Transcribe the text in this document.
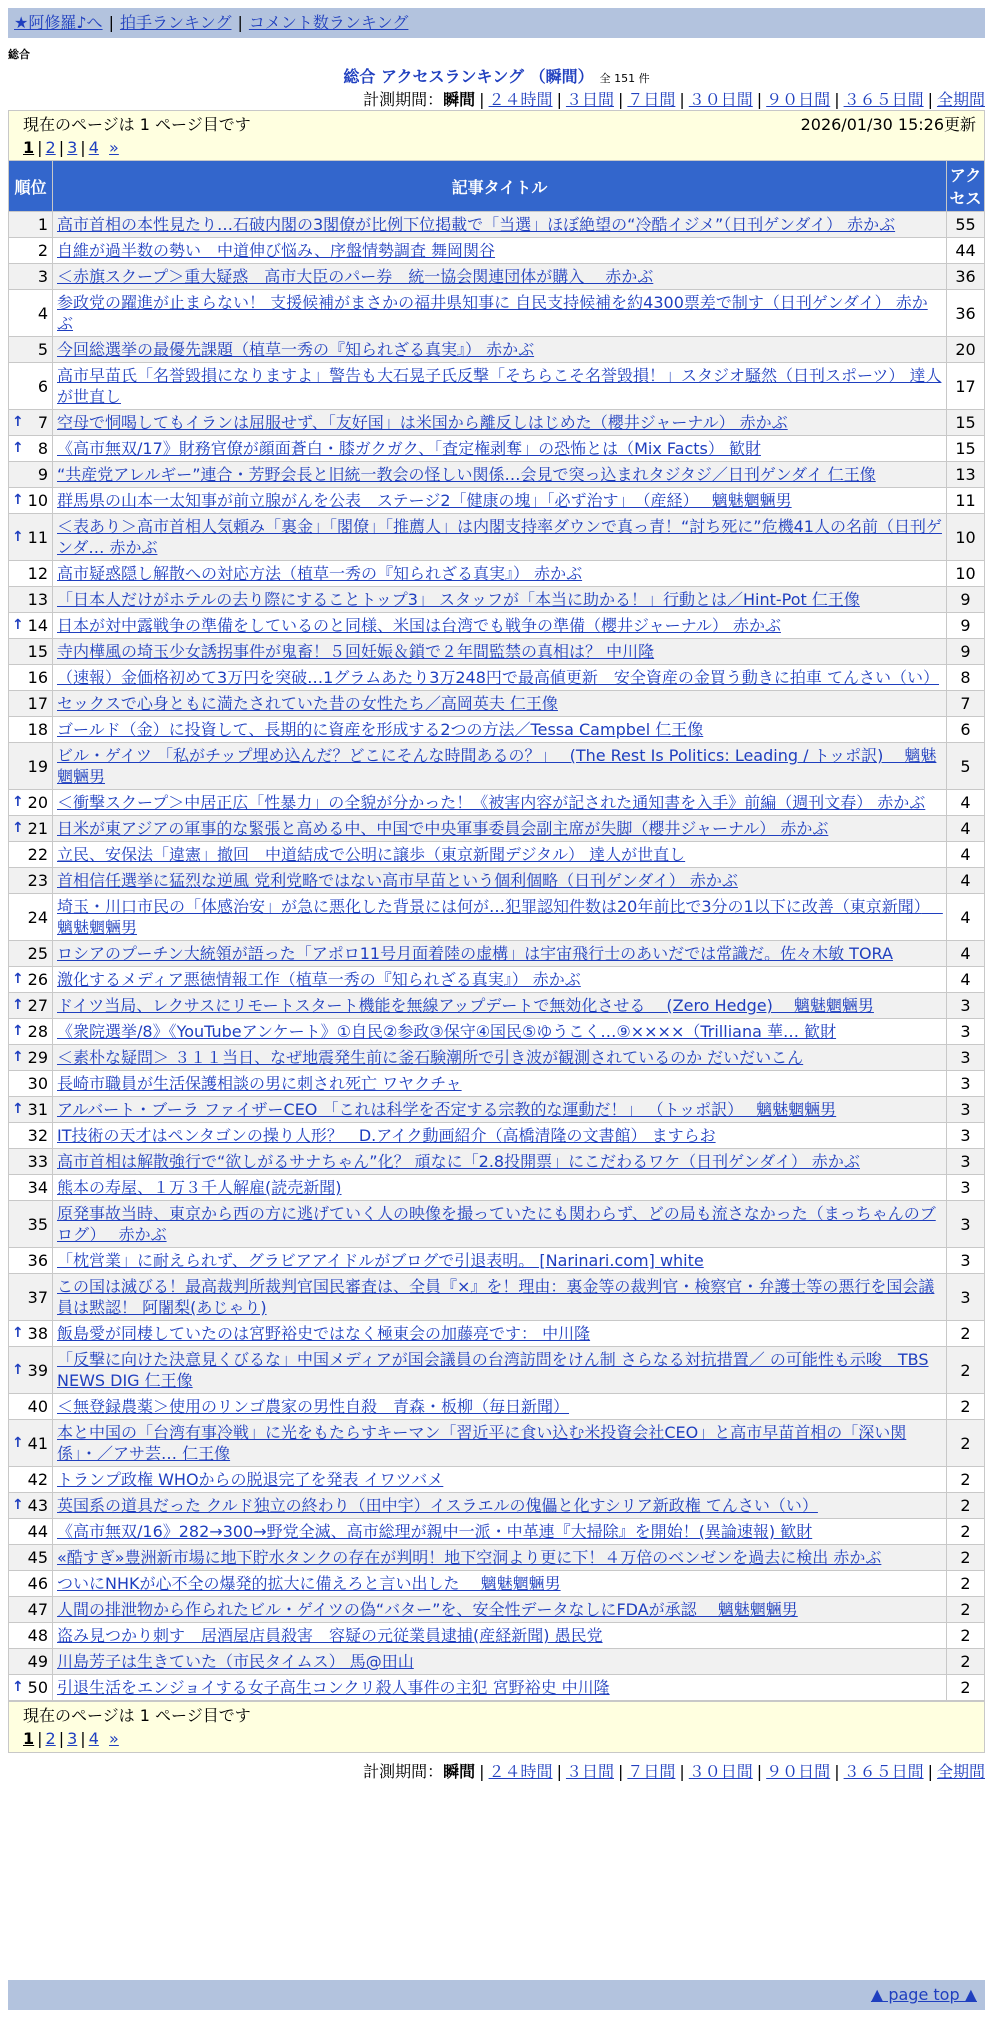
★阿修羅♪へ | 拍手ランキング | コメント数ランキング
総合
総合 アクセスランキング （瞬間） 全 151 件
計測期間：瞬間 | ２４時間 | ３日間 | ７日間 | ３０日間 | ９０日間 | ３６５日間 | 全期間
現在のページは 1 ページ目です	2026/01/30 15:26更新
1 | 2 | 3 | 4 »
順位	記事タイトル	アクセス
1	高市首相の本性見たり…石破内閣の3閣僚が比例下位掲載で「当選」ほぼ絶望の“冷酷イジメ”（日刊ゲンダイ） 赤かぶ	55
2	自維が過半数の勢い　中道伸び悩み、序盤情勢調査 舞岡関谷	44
3	＜赤旗スクープ＞重大疑惑　高市大臣のパー券　統一協会関連団体が購入　 赤かぶ	36
4	参政党の躍進が止まらない！ 支援候補がまさかの福井県知事に 自民支持候補を約4300票差で制す（日刊ゲンダイ） 赤かぶ	36
5	今回総選挙の最優先課題（植草一秀の『知られざる真実』） 赤かぶ	20
6	高市早苗氏「名誉毀損になりますよ」警告も大石晃子氏反撃「そちらこそ名誉毀損！」スタジオ騒然（日刊スポーツ） 達人が世直し	17

↑ 7	空母で恫喝してもイランは屈服せず、「友好国」は米国から離反しはじめた（櫻井ジャーナル） 赤かぶ	15

↑ 8	《高市無双/17》財務官僚が顔面蒼白・膝ガクガク、「査定権剥奪」の恐怖とは（Mix Facts） 歓財	15
9	“共産党アレルギー”連合・芳野会長と旧統一教会の怪しい関係…会見で突っ込まれタジタジ／日刊ゲンダイ 仁王像	13

↑ 10	群馬県の山本一太知事が前立腺がんを公表　ステージ2「健康の塊」「必ず治す」　（産経）　 魑魅魍魎男	11

↑ 11	＜表あり＞高市首相人気頼み「裏金」「閣僚」「推薦人」は内閣支持率ダウンで真っ青！“討ち死に”危機41人の名前（日刊ゲンダ… 赤かぶ	10
12	高市疑惑隠し解散への対応方法（植草一秀の『知られざる真実』） 赤かぶ	10
13	「日本人だけがホテルの去り際にすることトップ3」 スタッフが「本当に助かる！」行動とは／Hint-Pot 仁王像	9

↑ 14	日本が対中露戦争の準備をしているのと同様、米国は台湾でも戦争の準備（櫻井ジャーナル） 赤かぶ	9
15	寺内樺風の埼玉少女誘拐事件が鬼畜！５回妊娠＆鎖で２年間監禁の真相は？ 中川隆	9
16	（速報）金価格初めて3万円を突破…1グラムあたり3万248円で最高値更新　安全資産の金買う動きに拍車 てんさい（い）	8
17	セックスで心身ともに満たされていた昔の女性たち／高岡英夫 仁王像	7
18	ゴールド（金）に投資して、長期的に資産を形成する2つの方法／Tessa Campbel 仁王像	6
19	ビル・ゲイツ 「私がチップ埋め込んだ？どこにそんな時間あるの？」　 (The Rest Is Politics: Leading / トッポ訳)　 魑魅魍魎男	5

↑ 20	＜衝撃スクープ＞中居正広「性暴力」の全貌が分かった！《被害内容が記された通知書を入手》前編（週刊文春） 赤かぶ	4

↑ 21	日米が東アジアの軍事的な緊張と高める中、中国で中央軍事委員会副主席が失脚（櫻井ジャーナル） 赤かぶ	4
22	立民、安保法「違憲」撤回　中道結成で公明に譲歩（東京新聞デジタル） 達人が世直し	4
23	首相信任選挙に猛烈な逆風 党利党略ではない高市早苗という個利個略（日刊ゲンダイ） 赤かぶ	4
24	埼玉・川口市民の「体感治安」が急に悪化した背景には何が…犯罪認知件数は20年前比で3分の1以下に改善（東京新聞）　 魑魅魍魎男	4
25	ロシアのプーチン大統領が語った「アポロ11号月面着陸の虚構」は宇宙飛行士のあいだでは常識だ。佐々木敏 TORA	4

↑ 26	激化するメディア悪徳情報工作（植草一秀の『知られざる真実』） 赤かぶ	4

↑ 27	ドイツ当局、レクサスにリモートスタート機能を無線アップデートで無効化させる　 (Zero Hedge)　 魑魅魍魎男	3

↑ 28	《衆院選挙/8》《YouTubeアンケート》①自民②参政③保守④国民⑤ゆうこく…⑨××××（Trilliana 華… 歓財	3

↑ 29	＜素朴な疑問＞ ３１１当日、なぜ地震発生前に釜石験潮所で引き波が観測されているのか だいだいこん	3
30	長崎市職員が生活保護相談の男に刺され死亡 ワヤクチャ	3

↑ 31	アルバート・ブーラ ファイザーCEO 「これは科学を否定する宗教的な運動だ！」 （トッポ訳）　 魑魅魍魎男	3
32	IT技術の天才はペンタゴンの操り人形？　D.アイク動画紹介（高橋清隆の文書館） ますらお	3
33	高市首相は解散強行で“欲しがるサナちゃん”化？ 頑なに「2.8投開票」にこだわるワケ（日刊ゲンダイ） 赤かぶ	3
34	熊本の寿屋、１万３千人解雇(読売新聞)	3
35	原発事故当時、東京から西の方に逃げていく人の映像を撮っていたにも関わらず、どの局も流さなかった（まっちゃんのブログ）　 赤かぶ	3
36	「枕営業」に耐えられず、グラビアアイドルがブログで引退表明。 [Narinari.com] white	3
37	この国は滅びる！最高裁判所裁判官国民審査は、全員『×』を！理由：裏金等の裁判官・検察官・弁護士等の悪行を国会議員は黙認！ 阿闍梨(あじゃり)	3

↑ 38	飯島愛が同棲していたのは宮野裕史ではなく極東会の加藤亮です： 中川隆	2

↑ 39	「反撃に向けた決意見くびるな」中国メディアが国会議員の台湾訪問をけん制 さらなる対抗措置／ の可能性も示唆　TBS NEWS DIG 仁王像	2
40	＜無登録農薬＞使用のリンゴ農家の男性自殺　青森・板柳（毎日新聞）	2

↑ 41	本と中国の「台湾有事冷戦」に光をもたらすキーマン「習近平に食い込む米投資会社CEO」と高市早苗首相の「深い関係」・／アサ芸… 仁王像	2
42	トランプ政権 WHOからの脱退完了を発表 イワツバメ	2

↑ 43	英国系の道具だった クルド独立の終わり（田中宇）イスラエルの傀儡と化すシリア新政権 てんさい（い）	2
44	《高市無双/16》282→300→野党全滅、高市総理が親中一派・中革連『大掃除』を開始！(異論速報) 歓財	2
45	«酷すぎ»豊洲新市場に地下貯水タンクの存在が判明！地下空洞より更に下！４万倍のベンゼンを過去に検出 赤かぶ	2
46	ついにNHKが心不全の爆発的拡大に備えろと言い出した　 魑魅魍魎男	2
47	人間の排泄物から作られたビル・ゲイツの偽“バター”を、安全性データなしにFDAが承認　 魑魅魍魎男	2
48	盗み見つかり刺す　居酒屋店員殺害　容疑の元従業員逮捕(産経新聞) 愚民党	2
49	川島芳子は生きていた（市民タイムス） 馬@田山	2

↑ 50	引退生活をエンジョイする女子高生コンクリ殺人事件の主犯 宮野裕史 中川隆	2
現在のページは 1 ページ目です
1 | 2 | 3 | 4 »
計測期間：瞬間 | ２４時間 | ３日間 | ７日間 | ３０日間 | ９０日間 | ３６５日間 | 全期間
▲ page top ▲
